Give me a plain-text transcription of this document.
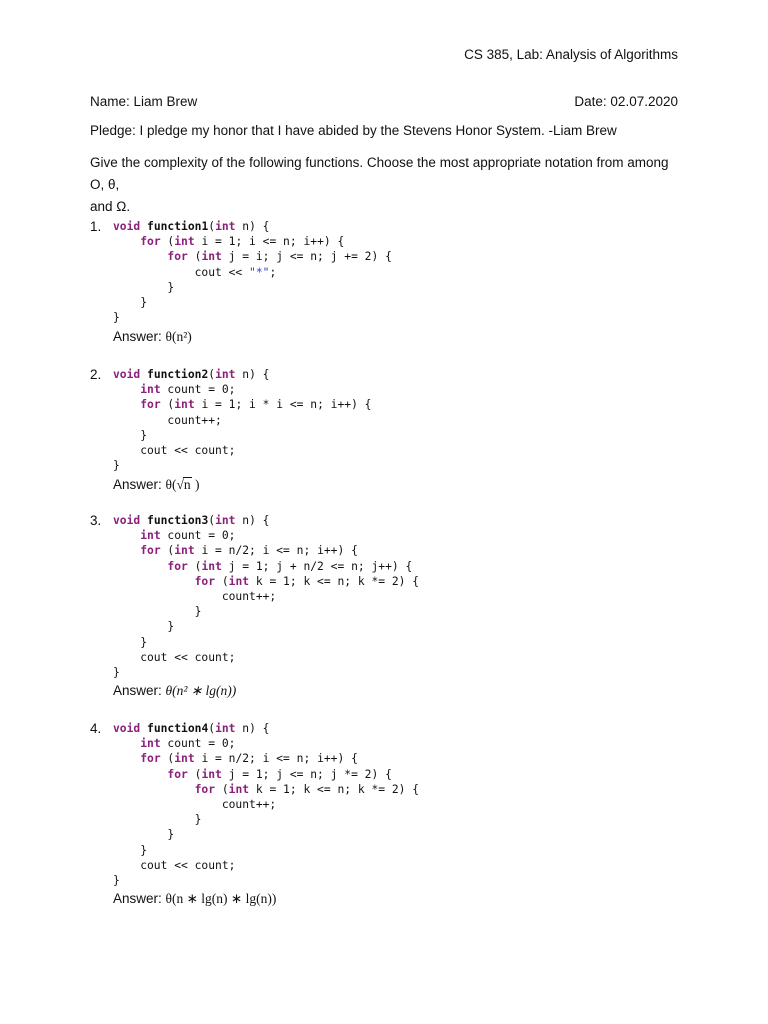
CS 385, Lab: Analysis of Algorithms
Name: Liam Brew	Date: 02.07.2020
Pledge: I pledge my honor that I have abided by the Stevens Honor System. -Liam Brew
Give the complexity of the following functions. Choose the most appropriate notation from among O, θ,
and Ω.
1. void function1(int n) {
for (int i = 1; i <= n; i++) {
for (int j = i; j <= n; j += 2) {
cout << "*";
}
}
}
Answer: θ(n²)
2. void function2(int n) {
int count = 0;
for (int i = 1; i * i <= n; i++) {
count++;
}
cout << count;
}
Answer: θ(√n )
3. void function3(int n) {
int count = 0;
for (int i = n/2; i <= n; i++) {
for (int j = 1; j + n/2 <= n; j++) {
for (int k = 1; k <= n; k *= 2) {
count++;
}
}
}
cout << count;
}
Answer: θ(n² ∗ lg(n))
4. void function4(int n) {
int count = 0;
for (int i = n/2; i <= n; i++) {
for (int j = 1; j <= n; j *= 2) {
for (int k = 1; k <= n; k *= 2) {
count++;
}
}
}
cout << count;
}
Answer: θ(n ∗ lg(n) ∗ lg(n))
